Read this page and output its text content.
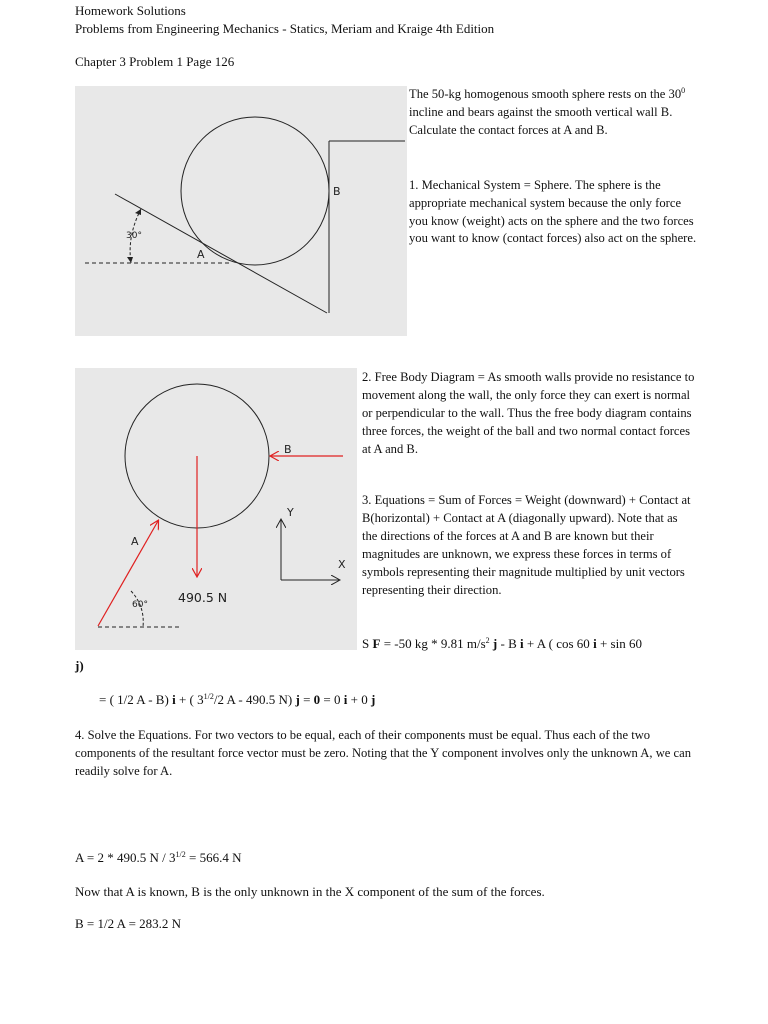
Homework Solutions
Problems from Engineering Mechanics - Statics, Meriam and Kraige 4th Edition
Chapter 3 Problem 1 Page 126
B
A
30°
The 50-kg homogenous smooth sphere rests on the $30^0$ incline and bears against the smooth vertical wall B. Calculate the contact forces at A and B.
1. Mechanical System = Sphere. The sphere is the appropriate mechanical system because the only force you know (weight) acts on the sphere and the two forces you want to know (contact forces) also act on the sphere.
B
A
Y
X
60° 490.5 N
2. Free Body Diagram = As smooth walls provide no resistance to movement along the wall, the only force they can exert is normal or perpendicular to the wall. Thus the free body diagram contains three forces, the weight of the ball and two normal contact forces at A and B.
3. Equations = Sum of Forces = Weight (downward) + Contact at B(horizontal) + Contact at A (diagonally upward). Note that as the directions of the forces at A and B are known but their magnitudes are unknown, we express these forces in terms of symbols representing their magnitude multiplied by unit vectors representing their direction.
S F = -50 kg * 9.81 $m/s^2$ j - B i + A ( cos 60 i + sin 60
j)
= ( 1/2 A - B) i + ( $3^{1/2}/2$ A - 490.5 N) j = 0 = 0 i + 0 j
4. Solve the Equations. For two vectors to be equal, each of their components must be equal. Thus each of the two components of the resultant force vector must be zero. Noting that the Y component involves only the unknown A, we can readily solve for A.
A = 2 * 490.5 $N / 3^{1/2} = 566.4$ N
Now that A is known, B is the only unknown in the X component of the sum of the forces.
B = 1/2 A = 283.2 N
